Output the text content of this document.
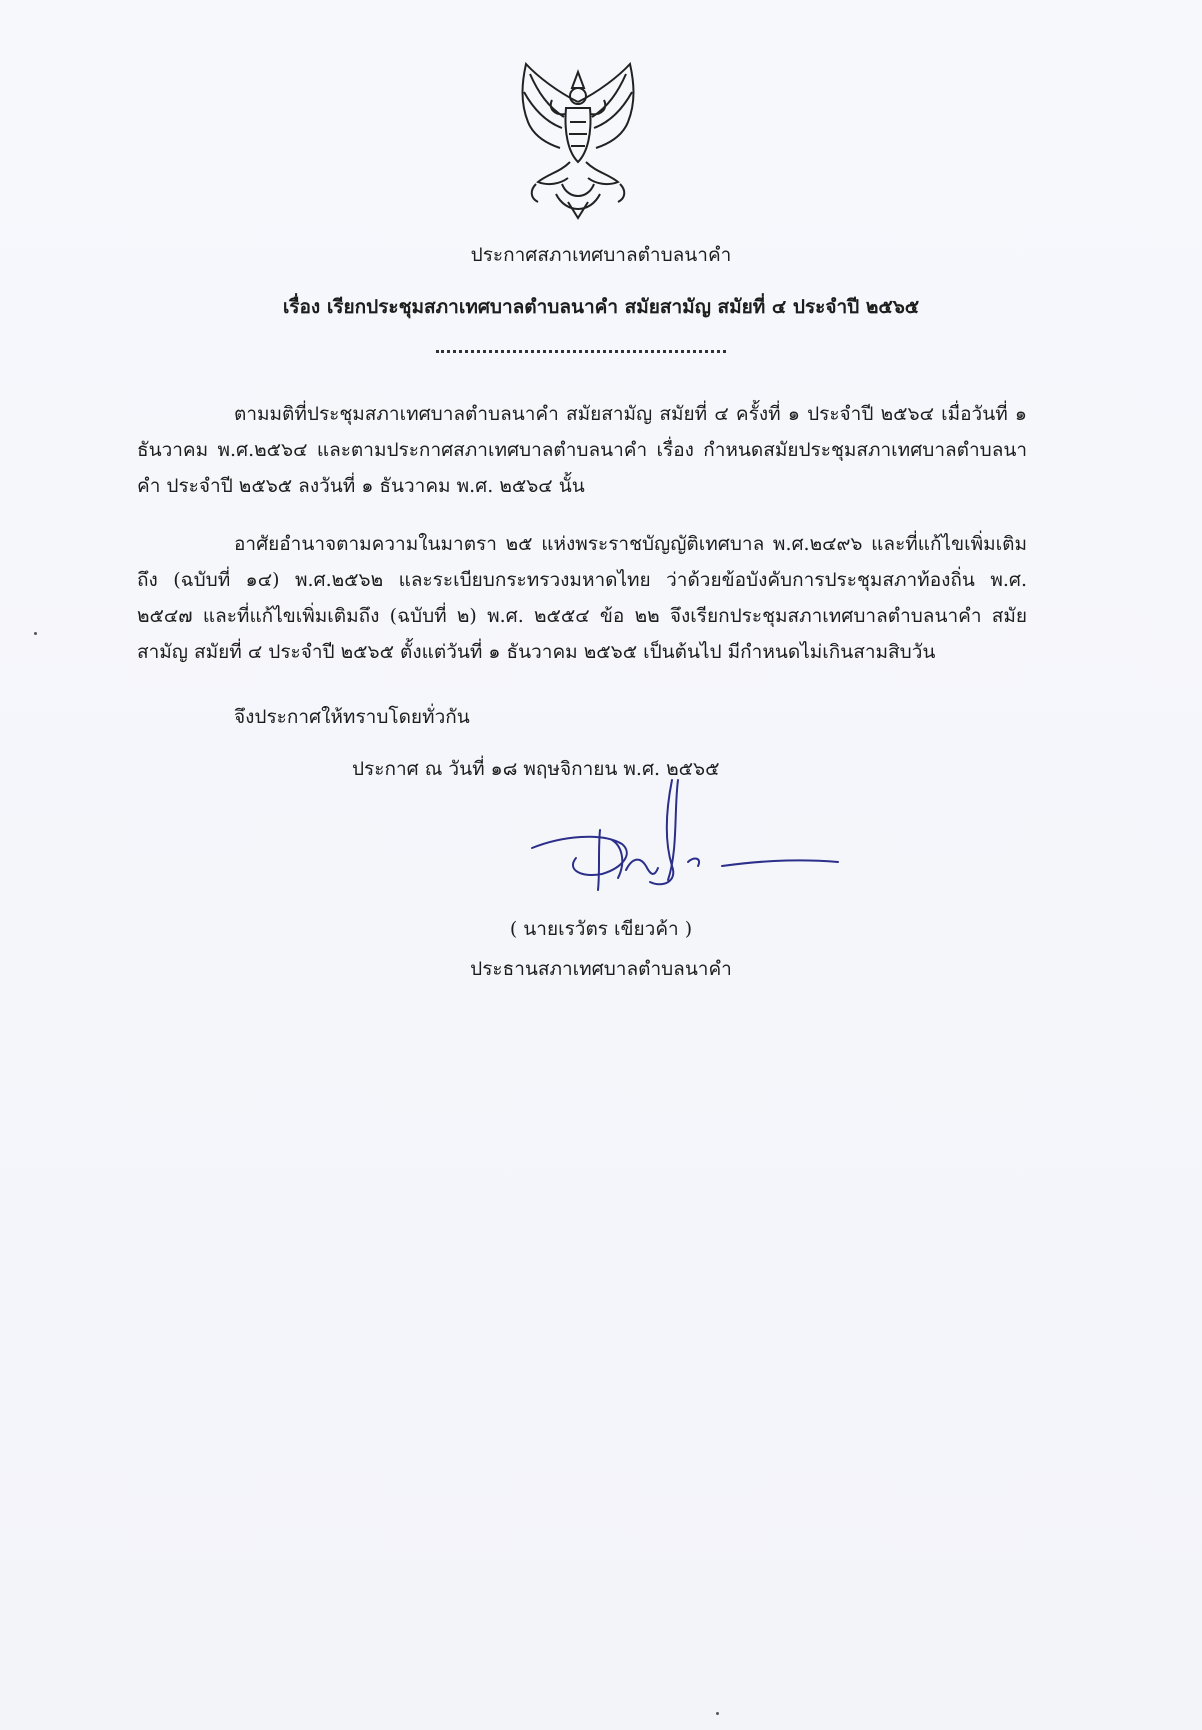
ประกาศสภาเทศบาลตำบลนาคำ
เรื่อง เรียกประชุมสภาเทศบาลตำบลนาคำ สมัยสามัญ สมัยที่ ๔ ประจำปี ๒๕๖๕

ตามมติที่ประชุมสภาเทศบาลตำบลนาคำ สมัยสามัญ สมัยที่ ๔ ครั้งที่ ๑ ประจำปี ๒๕๖๔ เมื่อวันที่ ๑ ธันวาคม พ.ศ.๒๕๖๔ และตามประกาศสภาเทศบาลตำบลนาคำ เรื่อง กำหนดสมัยประชุมสภาเทศบาลตำบลนาคำ ประจำปี ๒๕๖๕ ลงวันที่ ๑ ธันวาคม พ.ศ. ๒๕๖๔ นั้น

อาศัยอำนาจตามความในมาตรา ๒๕ แห่งพระราชบัญญัติเทศบาล พ.ศ.๒๔๙๖ และที่แก้ไขเพิ่มเติมถึง (ฉบับที่ ๑๔) พ.ศ.๒๕๖๒ และระเบียบกระทรวงมหาดไทย ว่าด้วยข้อบังคับการประชุมสภาท้องถิ่น พ.ศ. ๒๕๔๗ และที่แก้ไขเพิ่มเติมถึง (ฉบับที่ ๒) พ.ศ. ๒๕๕๔ ข้อ ๒๒ จึงเรียกประชุมสภาเทศบาลตำบลนาคำ สมัยสามัญ สมัยที่ ๔ ประจำปี ๒๕๖๕ ตั้งแต่วันที่ ๑ ธันวาคม ๒๕๖๕ เป็นต้นไป มีกำหนดไม่เกินสามสิบวัน

จึงประกาศให้ทราบโดยทั่วกัน
ประกาศ ณ วันที่ ๑๘ พฤษจิกายน พ.ศ. ๒๕๖๕
( นายเรวัตร เขียวค้า )
ประธานสภาเทศบาลตำบลนาคำ
